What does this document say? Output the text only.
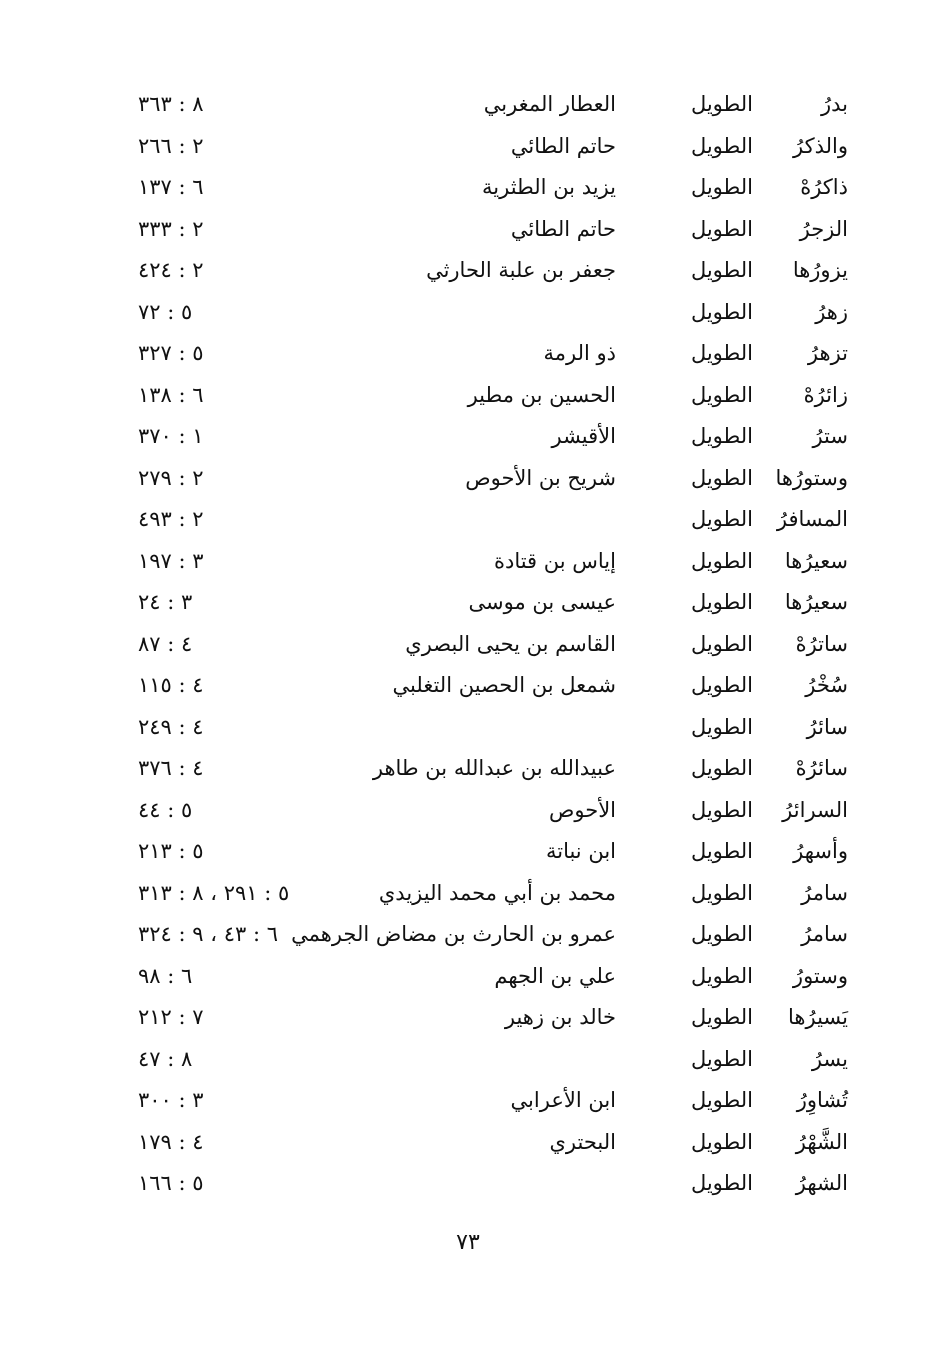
بدرُ
الطويل
العطار المغربي
٨ : ٣٦٣
والذكرُ
الطويل
حاتم الطائي
٢ : ٢٦٦
ذاكرُهْ
الطويل
يزيد بن الطثرية
٦ : ١٣٧
الزجرُ
الطويل
حاتم الطائي
٢ : ٣٣٣
يزورُها
الطويل
جعفر بن علبة الحارثي
٢ : ٤٢٤
زهرُ
الطويل
٥ : ٧٢
تزهرُ
الطويل
ذو الرمة
٥ : ٣٢٧
زائرُهْ
الطويل
الحسين بن مطير
٦ : ١٣٨
سترُ
الطويل
الأقيشر
١ : ٣٧٠
وستورُها
الطويل
شريح بن الأحوص
٢ : ٢٧٩
المسافرُ
الطويل
٢ : ٤٩٣
سعيرُها
الطويل
إياس بن قتادة
٣ : ١٩٧
سعيرُها
الطويل
عيسى بن موسى
٣ : ٢٤
ساترُهْ
الطويل
القاسم بن يحيى البصري
٤ : ٨٧
سُخْرُ
الطويل
شمعل بن الحصين التغلبي
٤ : ١١٥
سائرُ
الطويل
٤ : ٢٤٩
سائرُهْ
الطويل
عبيدالله بن عبدالله بن طاهر
٤ : ٣٧٦
السرائرُ
الطويل
الأحوص
٥ : ٤٤
وأسهرُ
الطويل
ابن نباتة
٥ : ٢١٣
سامرُ
الطويل
محمد بن أبي محمد اليزيدي
٥ : ٢٩١ ، ٨ : ٣١٣
سامرُ
الطويل
عمرو بن الحارث بن مضاض الجرهمي
٦ : ٤٣ ، ٩ : ٣٢٤
وستورُ
الطويل
علي بن الجهم
٦ : ٩٨
يَسيرُها
الطويل
خالد بن زهير
٧ : ٢١٢
يسرُ
الطويل
٨ : ٤٧
تُشاوِرُ
الطويل
ابن الأعرابي
٣ : ٣٠٠
الشَّهْرُ
الطويل
البحتري
٤ : ١٧٩
الشهرُ
الطويل
٥ : ١٦٦
٧٣
